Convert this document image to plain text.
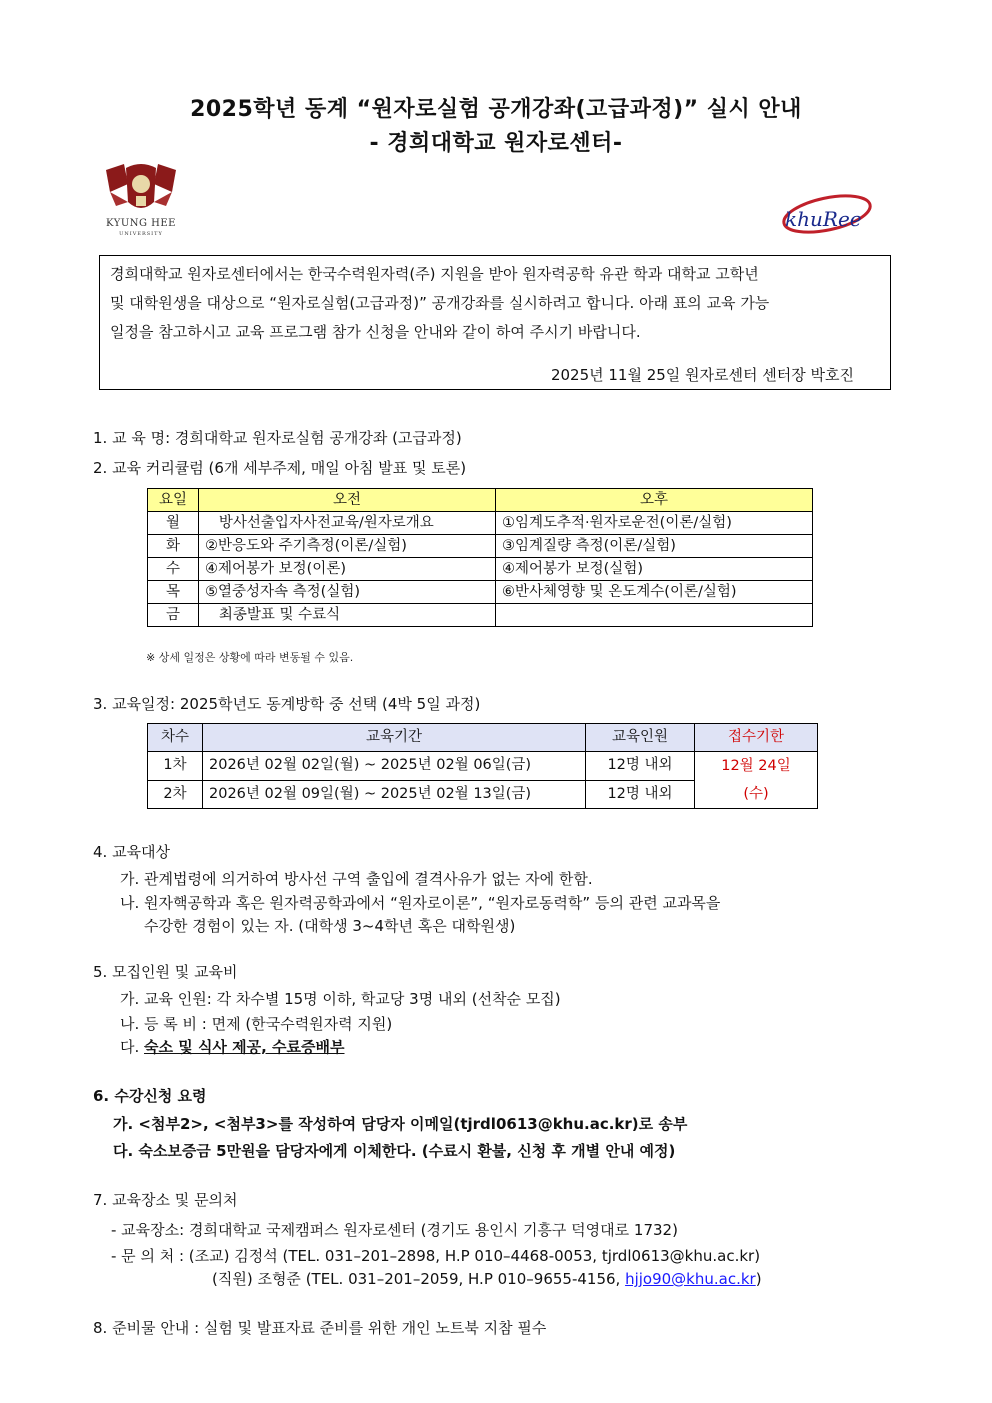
2025학년 동계 “원자로실험 공개강좌(고급과정)” 실시 안내
- 경희대학교 원자로센터-
KYUNG HEE
UNIVERSITY
khuRee

경희대학교 원자로센터에서는 한국수력원자력(주) 지원을 받아 원자력공학 유관 학과 대학교 고학년

및 대학원생을 대상으로 “원자로실험(고급과정)” 공개강좌를 실시하려고 합니다. 아래 표의 교육 가능

일정을 참고하시고 교육 프로그램 참가 신청을 안내와 같이 하여 주시기 바랍니다.

2025년 11월 25일 원자로센터 센터장 박호진
1. 교 육 명: 경희대학교 원자로실험 공개강좌 (고급과정)
2. 교육 커리큘럼 (6개 세부주제, 매일 아침 발표 및 토론)
요일	오전	오후
월	방사선출입자사전교육/원자로개요	①임계도추적·원자로운전(이론/실험)
화	②반응도와 주기측정(이론/실험)	③임계질량 측정(이론/실험)
수	④제어봉가 보정(이론)	④제어봉가 보정(실험)
목	⑤열중성자속 측정(실험)	⑥반사체영향 및 온도계수(이론/실험)
금	최종발표 및 수료식	
※ 상세 일정은 상황에 따라 변동될 수 있음.
3. 교육일정: 2025학년도 동계방학 중 선택 (4박 5일 과정)
차수	교육기간	교육인원	접수기한
1차	2026년 02월 02일(월) ~ 2025년 02월 06일(금)	12명 내외	12월 24일
(수)

2차	2026년 02월 09일(월) ~ 2025년 02월 13일(금)	12명 내외	
4. 교육대상
가. 관계법령에 의거하여 방사선 구역 출입에 결격사유가 없는 자에 한함.
나. 원자핵공학과 혹은 원자력공학과에서 “원자로이론”, “원자로동력학” 등의 관련 교과목을
수강한 경험이 있는 자. (대학생 3~4학년 혹은 대학원생)
5. 모집인원 및 교육비
가. 교육 인원: 각 차수별 15명 이하, 학교당 3명 내외 (선착순 모집)
나. 등 록 비 : 면제 (한국수력원자력 지원)
다. 숙소 및 식사 제공, 수료증배부
6. 수강신청 요령
가. <첨부2>, <첨부3>를 작성하여 담당자 이메일(tjrdl0613@khu.ac.kr)로 송부
다. 숙소보증금 5만원을 담당자에게 이체한다. (수료시 환불, 신청 후 개별 안내 예정)
7. 교육장소 및 문의처
- 교육장소: 경희대학교 국제캠퍼스 원자로센터 (경기도 용인시 기흥구 덕영대로 1732)
- 문 의 처 : (조교) 김정석 (TEL. 031–201–2898, H.P 010–4468-0053, tjrdl0613@khu.ac.kr)
(직원) 조형준 (TEL. 031–201–2059, H.P 010–9655-4156, hjjo90@khu.ac.kr)
8. 준비물 안내 : 실험 및 발표자료 준비를 위한 개인 노트북 지참 필수
